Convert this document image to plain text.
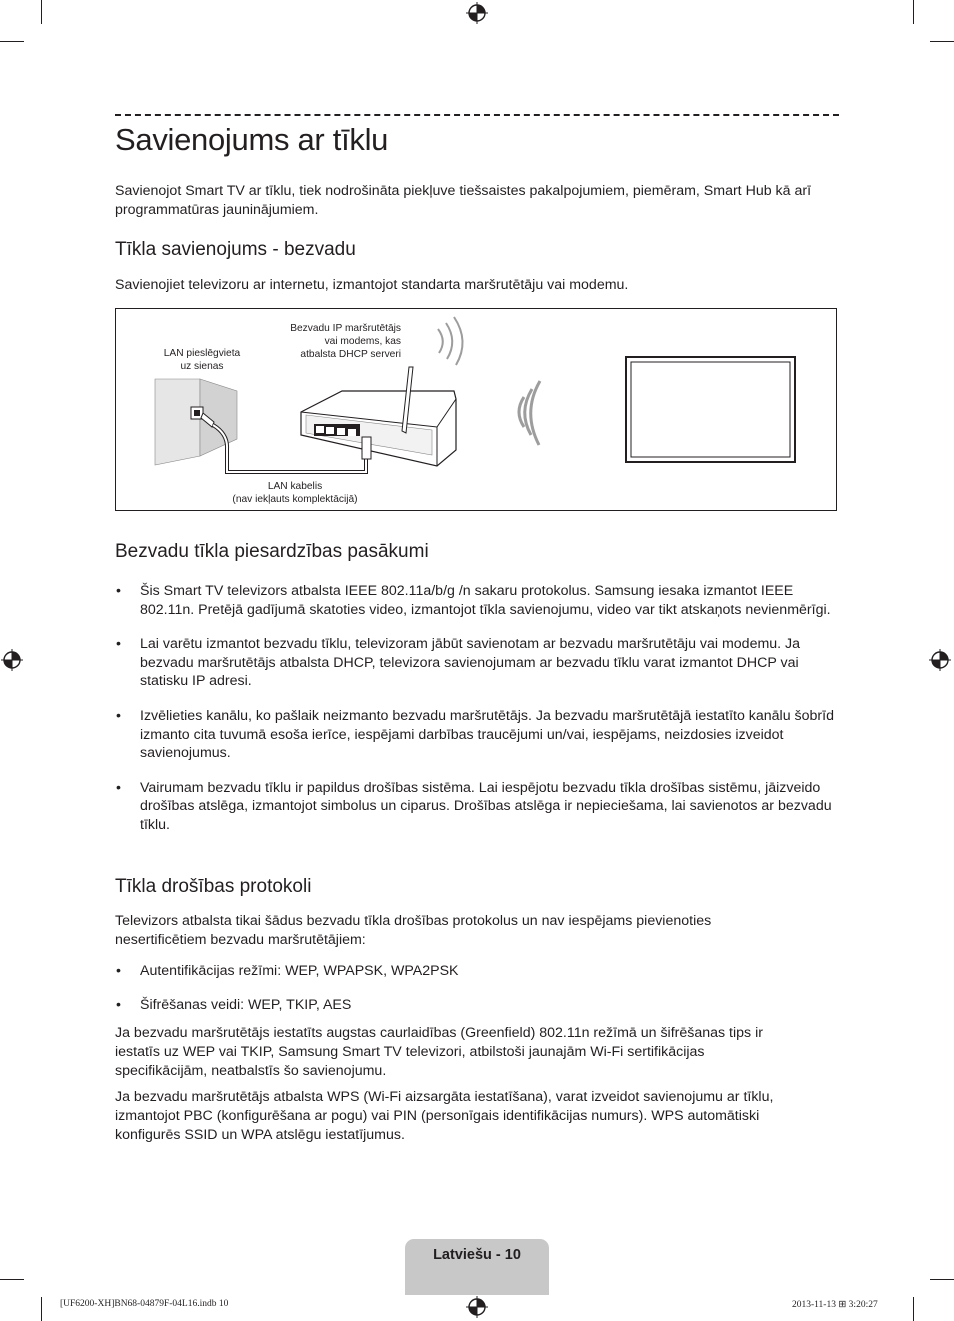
Savienojums ar tīklu

Savienojot Smart TV ar tīklu, tiek nodrošināta piekļuve tiešsaistes pakalpojumiem, piemēram, Smart Hub kā arī programmatūras jauninājumiem.

Tīkla savienojums - bezvadu

Savienojiet televizoru ar internetu, izmantojot standarta maršrutētāju vai modemu.

LAN pieslēgvieta
uz sienas
Bezvadu IP maršrutētājs
vai modems, kas
atbalsta DHCP serveri
LAN kabelis
(nav iekļauts komplektācijā)
Bezvadu tīkla piesardzības pasākumi
• Šis Smart TV televizors atbalsta IEEE 802.11a/b/g /n sakaru protokolus. Samsung iesaka izmantot IEEE 802.11n. Pretējā gadījumā skatoties video, izmantojot tīkla savienojumu, video var tikt atskaņots nevienmērīgi.
• Lai varētu izmantot bezvadu tīklu, televizoram jābūt savienotam ar bezvadu maršrutētāju vai modemu. Ja bezvadu maršrutētājs atbalsta DHCP, televizora savienojumam ar bezvadu tīklu varat izmantot DHCP vai statisku IP adresi.
• Izvēlieties kanālu, ko pašlaik neizmanto bezvadu maršrutētājs. Ja bezvadu maršrutētājā iestatīto kanālu šobrīd izmanto cita tuvumā esoša ierīce, iespējami darbības traucējumi un/vai, iespējams, neizdosies izveidot savienojumus.
• Vairumam bezvadu tīklu ir papildus drošības sistēma. Lai iespējotu bezvadu tīkla drošības sistēmu, jāizveido drošības atslēga, izmantojot simbolus un ciparus. Drošības atslēga ir nepieciešama, lai savienotos ar bezvadu tīklu.
Tīkla drošības protokoli

Televizors atbalsta tikai šādus bezvadu tīkla drošības protokolus un nav iespējams pievienoties nesertificētiem bezvadu maršrutētājiem:

• Autentifikācijas režīmi: WEP, WPAPSK, WPA2PSK
• Šifrēšanas veidi: WEP, TKIP, AES

Ja bezvadu maršrutētājs iestatīts augstas caurlaidības (Greenfield) 802.11n režīmā un šifrēšanas tips ir iestatīs uz WEP vai TKIP, Samsung Smart TV televizori, atbilstoši jaunajām Wi-Fi sertifikācijas specifikācijām, neatbalstīs šo savienojumu.

Ja bezvadu maršrutētājs atbalsta WPS (Wi-Fi aizsargāta iestatīšana), varat izveidot savienojumu ar tīklu, izmantojot PBC (konfigurēšana ar pogu) vai PIN (personīgais identifikācijas numurs). WPS automātiski konfigurēs SSID un WPA atslēgu iestatījumus.

Latviešu - 10
[UF6200-XH]BN68-04879F-04L16.indb 10	2013-11-13 ⊞ 3:20:27
